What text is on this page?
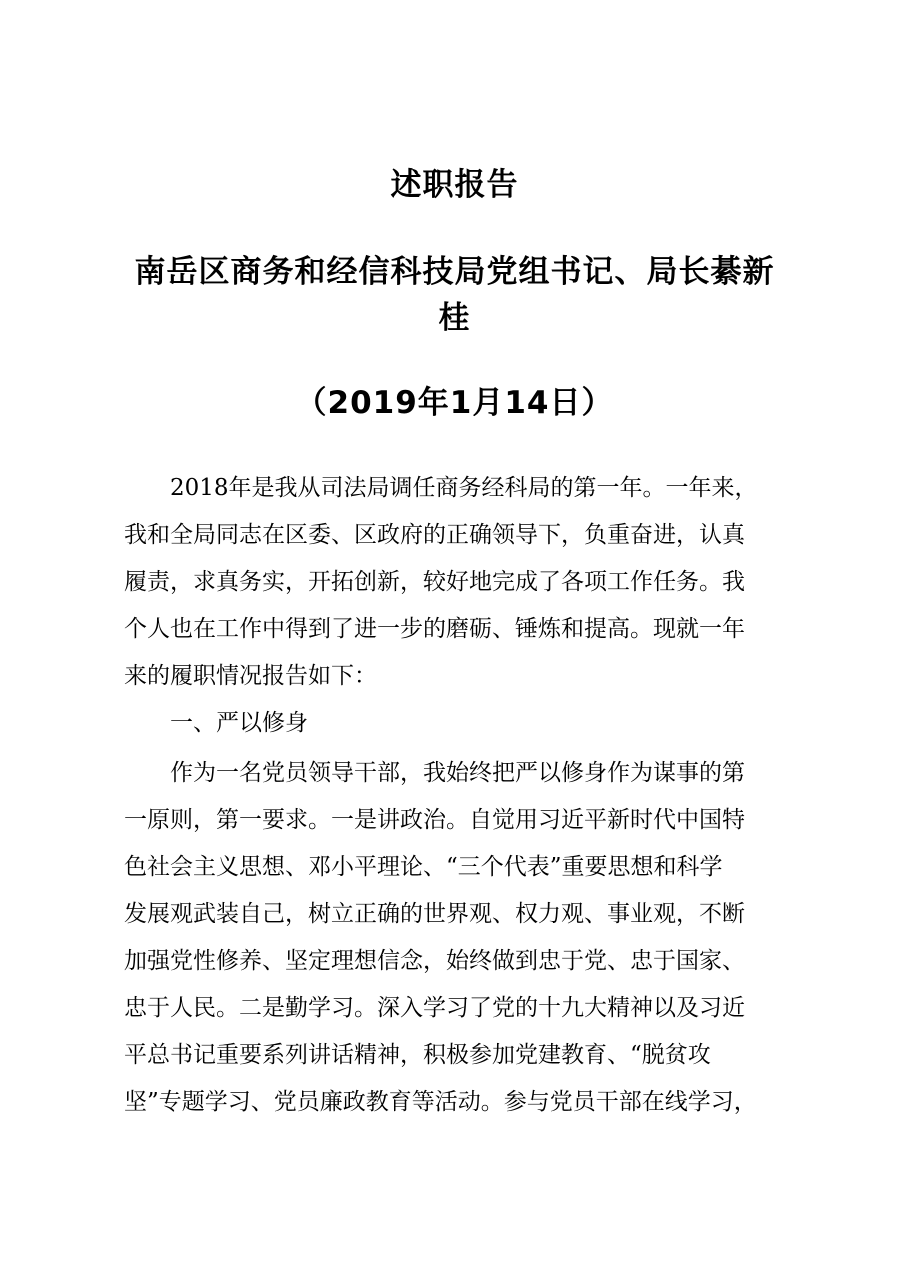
述职报告
南岳区商务和经信科技局党组书记、局长綦新
桂
（2019年1月14日）
2018年是我从司法局调任商务经科局的第一年。一年来，
我和全局同志在区委、区政府的正确领导下，负重奋进，认真
履责，求真务实，开拓创新，较好地完成了各项工作任务。我
个人也在工作中得到了进一步的磨砺、锤炼和提高。现就一年
来的履职情况报告如下：
一、严以修身
作为一名党员领导干部，我始终把严以修身作为谋事的第
一原则，第一要求。一是讲政治。自觉用习近平新时代中国特
色社会主义思想、邓小平理论、“三个代表”重要思想和科学
发展观武装自己，树立正确的世界观、权力观、事业观，不断
加强党性修养、坚定理想信念，始终做到忠于党、忠于国家、
忠于人民。二是勤学习。深入学习了党的十九大精神以及习近
平总书记重要系列讲话精神，积极参加党建教育、“脱贫攻
坚”专题学习、党员廉政教育等活动。参与党员干部在线学习，
